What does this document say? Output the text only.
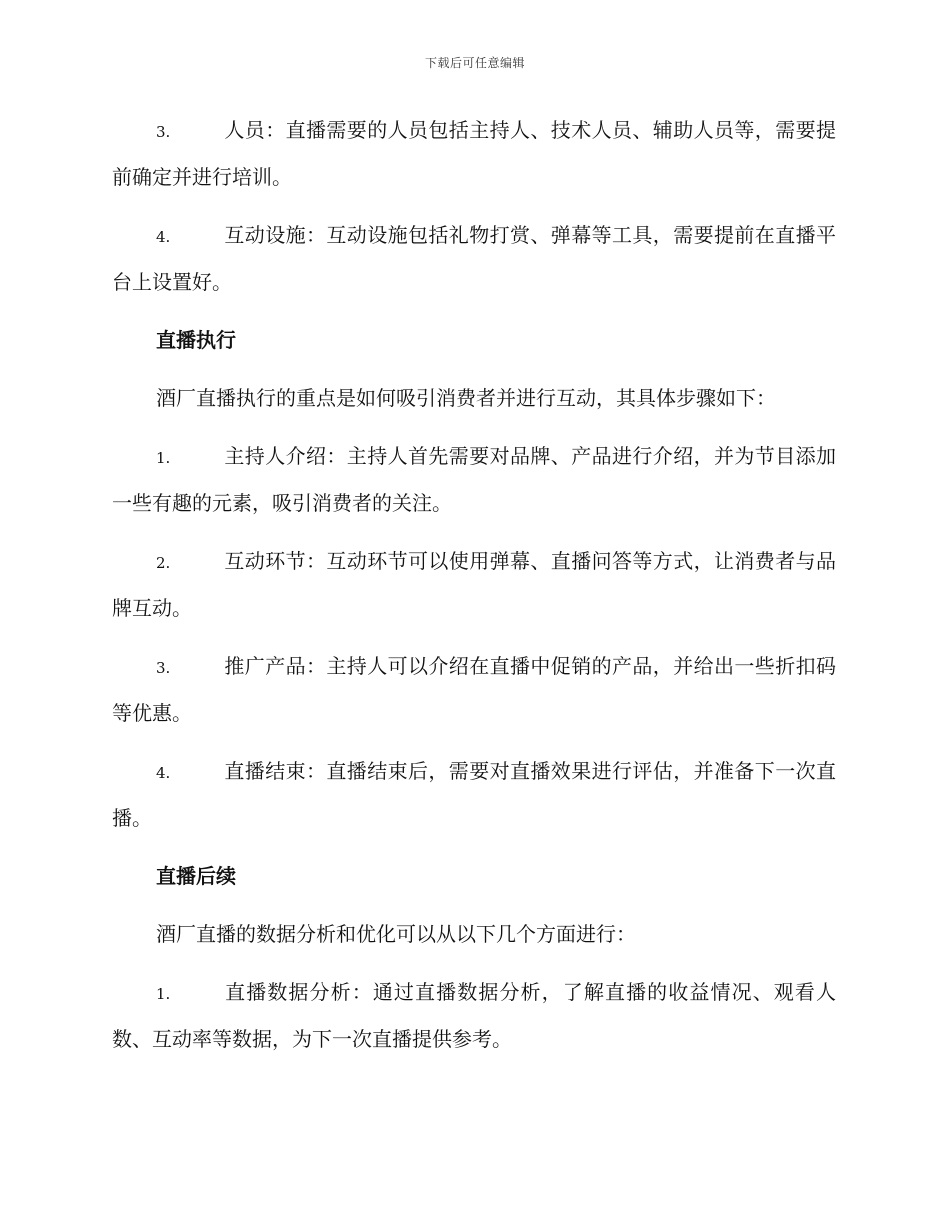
下载后可任意编辑

3.	人员：直播需要的人员包括主持人、技术人员、辅助人员等，需要提前确定并进行培训。

4.	互动设施：互动设施包括礼物打赏、弹幕等工具，需要提前在直播平台上设置好。

直播执行

酒厂直播执行的重点是如何吸引消费者并进行互动，其具体步骤如下：

1.	主持人介绍：主持人首先需要对品牌、产品进行介绍，并为节目添加一些有趣的元素，吸引消费者的关注。

2.	互动环节：互动环节可以使用弹幕、直播问答等方式，让消费者与品牌互动。

3.	推广产品：主持人可以介绍在直播中促销的产品，并给出一些折扣码等优惠。

4.	直播结束：直播结束后，需要对直播效果进行评估，并准备下一次直播。

直播后续

酒厂直播的数据分析和优化可以从以下几个方面进行：

1.	直播数据分析：通过直播数据分析，了解直播的收益情况、观看人数、互动率等数据，为下一次直播提供参考。
